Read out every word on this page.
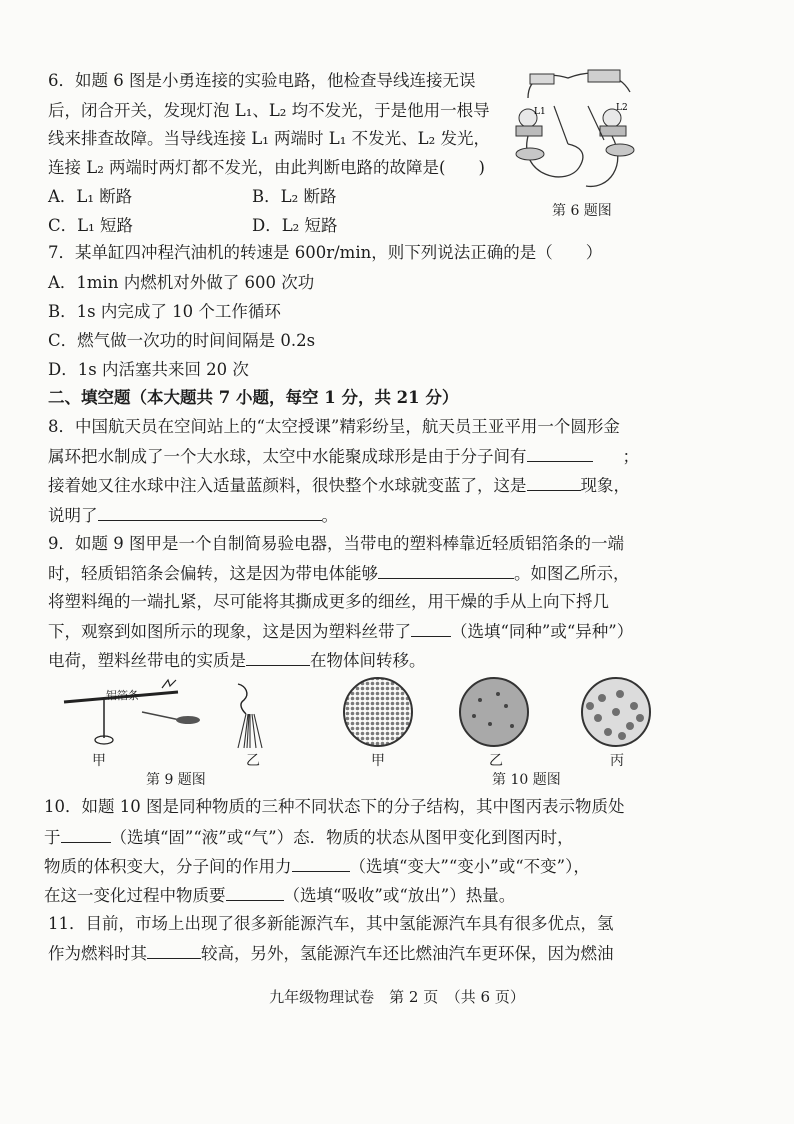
6．如题 6 图是小勇连接的实验电路，他检查导线连接无误
后，闭合开关，发现灯泡 L₁、L₂ 均不发光，于是他用一根导
线来排查故障。当导线连接 L₁ 两端时 L₁ 不发光、L₂ 发光，
连接 L₂ 两端时两灯都不发光，由此判断电路的故障是(　　)
A．L₁ 断路	B．L₂ 断路
C．L₁ 短路	D．L₂ 短路
L1	L2
第 6 题图
7．某单缸四冲程汽油机的转速是 600r/min，则下列说法正确的是（　　）
A．1min 内燃机对外做了 600 次功
B．1s 内完成了 10 个工作循环
C．燃气做一次功的时间间隔是 0.2s
D．1s 内活塞共来回 20 次
二、填空题（本大题共 7 小题，每空 1 分，共 21 分）
8．中国航天员在空间站上的“太空授课”精彩纷呈，航天员王亚平用一个圆形金
属环把水制成了一个大水球，太空中水能聚成球形是由于分子间有	；
接着她又往水球中注入适量蓝颜料，很快整个水球就变蓝了，这是	现象，
说明了	。
9．如题 9 图甲是一个自制简易验电器，当带电的塑料棒靠近轻质铝箔条的一端
时，轻质铝箔条会偏转，这是因为带电体能够	。如图乙所示，
将塑料绳的一端扎紧，尽可能将其撕成更多的细丝，用干燥的手从上向下捋几
下，观察到如图所示的现象，这是因为塑料丝带了 （选填“同种”或“异种”）
电荷，塑料丝带电的实质是	在物体间转移。
铝箔条
甲	乙
第 9 题图
甲	乙	丙
第 10 题图
10．如题 10 图是同种物质的三种不同状态下的分子结构，其中图丙表示物质处
于	（选填“固”“液”或“气”）态．物质的状态从图甲变化到图丙时，
物质的体积变大，分子间的作用力	（选填“变大”“变小”或“不变”），
在这一变化过程中物质要	（选填“吸收”或“放出”）热量。
11．目前，市场上出现了很多新能源汽车，其中氢能源汽车具有很多优点，氢
作为燃料时其	较高，另外，氢能源汽车还比燃油汽车更环保，因为燃油
九年级物理试卷　第 2 页　（共 6 页）
